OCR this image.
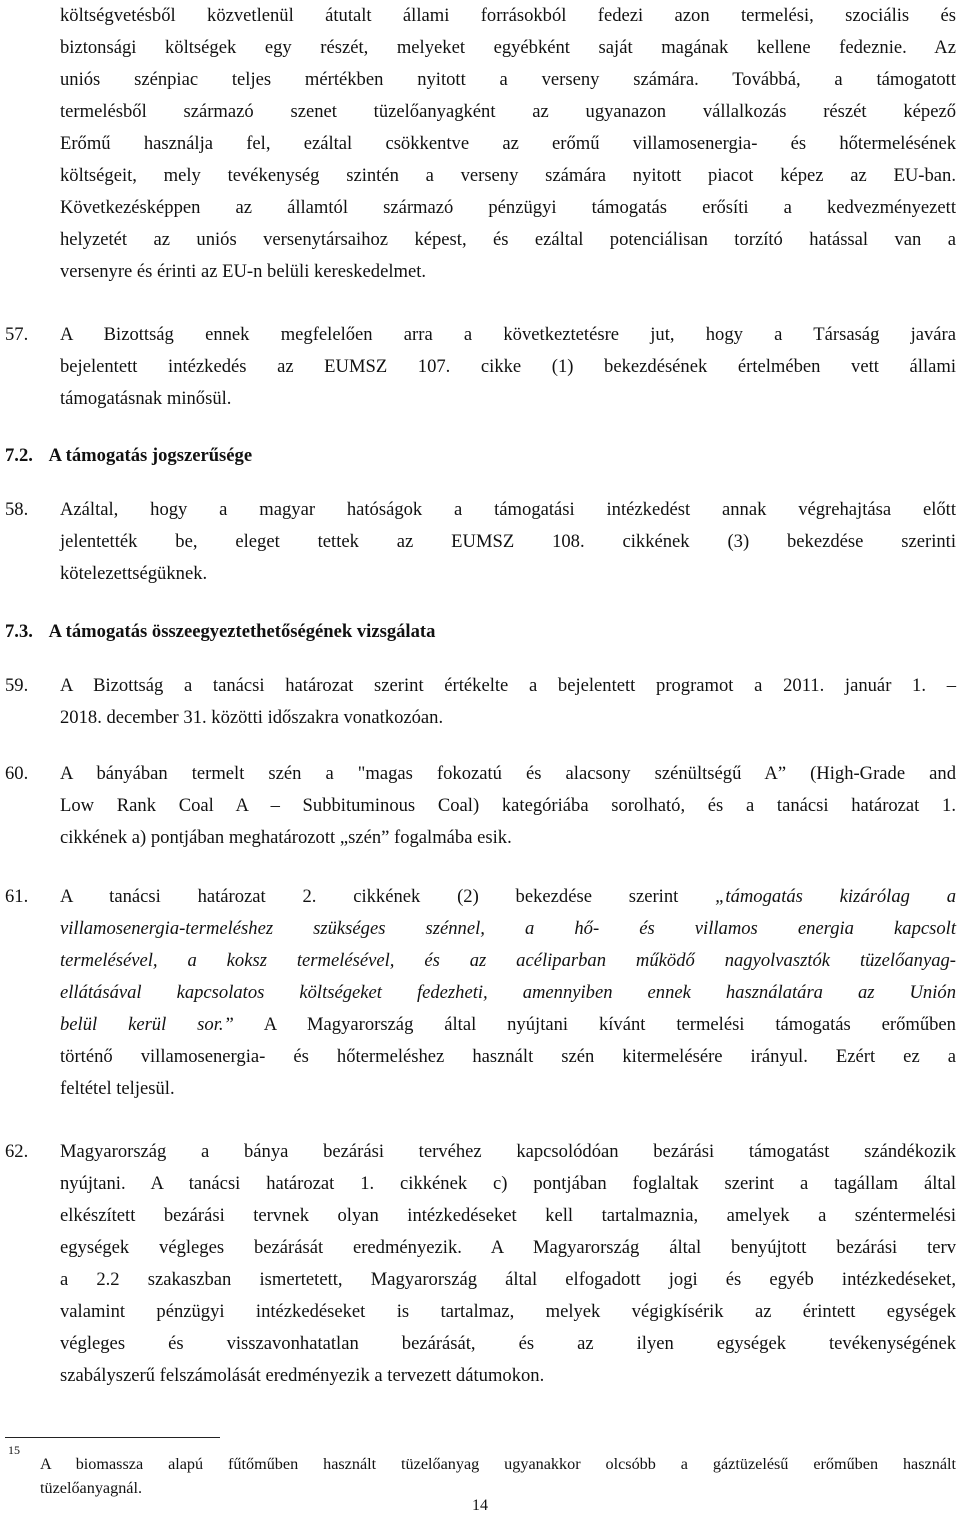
költségvetésből közvetlenül átutalt állami forrásokból fedezi azon termelési, szociális és
biztonsági költségek egy részét, melyeket egyébként saját magának kellene fedeznie. Az
uniós szénpiac teljes mértékben nyitott a verseny számára. Továbbá, a támogatott
termelésből származó szenet tüzelőanyagként az ugyanazon vállalkozás részét képező
Erőmű használja fel, ezáltal csökkentve az erőmű villamosenergia- és hőtermelésének
költségeit, mely tevékenység szintén a verseny számára nyitott piacot képez az EU-ban.
Következésképpen az államtól származó pénzügyi támogatás erősíti a kedvezményezett
helyzetét az uniós versenytársaihoz képest, és ezáltal potenciálisan torzító hatással van a
versenyre és érinti az EU-n belüli kereskedelmet.
57. A Bizottság ennek megfelelően arra a következtetésre jut, hogy a Társaság javára
bejelentett intézkedés az EUMSZ 107. cikke (1) bekezdésének értelmében vett állami
támogatásnak minősül.
7.2. A támogatás jogszerűsége
58. Azáltal, hogy a magyar hatóságok a támogatási intézkedést annak végrehajtása előtt
jelentették be, eleget tettek az EUMSZ 108. cikkének (3) bekezdése szerinti
kötelezettségüknek.
7.3. A támogatás összeegyeztethetőségének vizsgálata
59. A Bizottság a tanácsi határozat szerint értékelte a bejelentett programot a 2011. január 1. –
2018. december 31. közötti időszakra vonatkozóan.
60. A bányában termelt szén a "magas fokozatú és alacsony szénültségű A” (High-Grade and
Low Rank Coal A – Subbituminous Coal) kategóriába sorolható, és a tanácsi határozat 1.
cikkének a) pontjában meghatározott „szén” fogalmába esik.
61. A tanácsi határozat 2. cikkének (2) bekezdése szerint „támogatás kizárólag a
villamosenergia-termeléshez szükséges szénnel, a hő- és villamos energia kapcsolt
termelésével, a koksz termelésével, és az acéliparban működő nagyolvasztók tüzelőanyag-
ellátásával kapcsolatos költségeket fedezheti, amennyiben ennek használatára az Unión
belül kerül sor.” A Magyarország által nyújtani kívánt termelési támogatás erőműben
történő villamosenergia- és hőtermeléshez használt szén kitermelésére irányul. Ezért ez a
feltétel teljesül.
62. Magyarország a bánya bezárási tervéhez kapcsolódóan bezárási támogatást szándékozik
nyújtani. A tanácsi határozat 1. cikkének c) pontjában foglaltak szerint a tagállam által
elkészített bezárási tervnek olyan intézkedéseket kell tartalmaznia, amelyek a széntermelési
egységek végleges bezárását eredményezik. A Magyarország által benyújtott bezárási terv
a 2.2 szakaszban ismertetett, Magyarország által elfogadott jogi és egyéb intézkedéseket,
valamint pénzügyi intézkedéseket is tartalmaz, melyek végigkísérik az érintett egységek
végleges és visszavonhatatlan bezárását, és az ilyen egységek tevékenységének
szabályszerű felszámolását eredményezik a tervezett dátumokon.
15
A biomassza alapú fűtőműben használt tüzelőanyag ugyanakkor olcsóbb a gáztüzelésű erőműben használt
tüzelőanyagnál.
14
